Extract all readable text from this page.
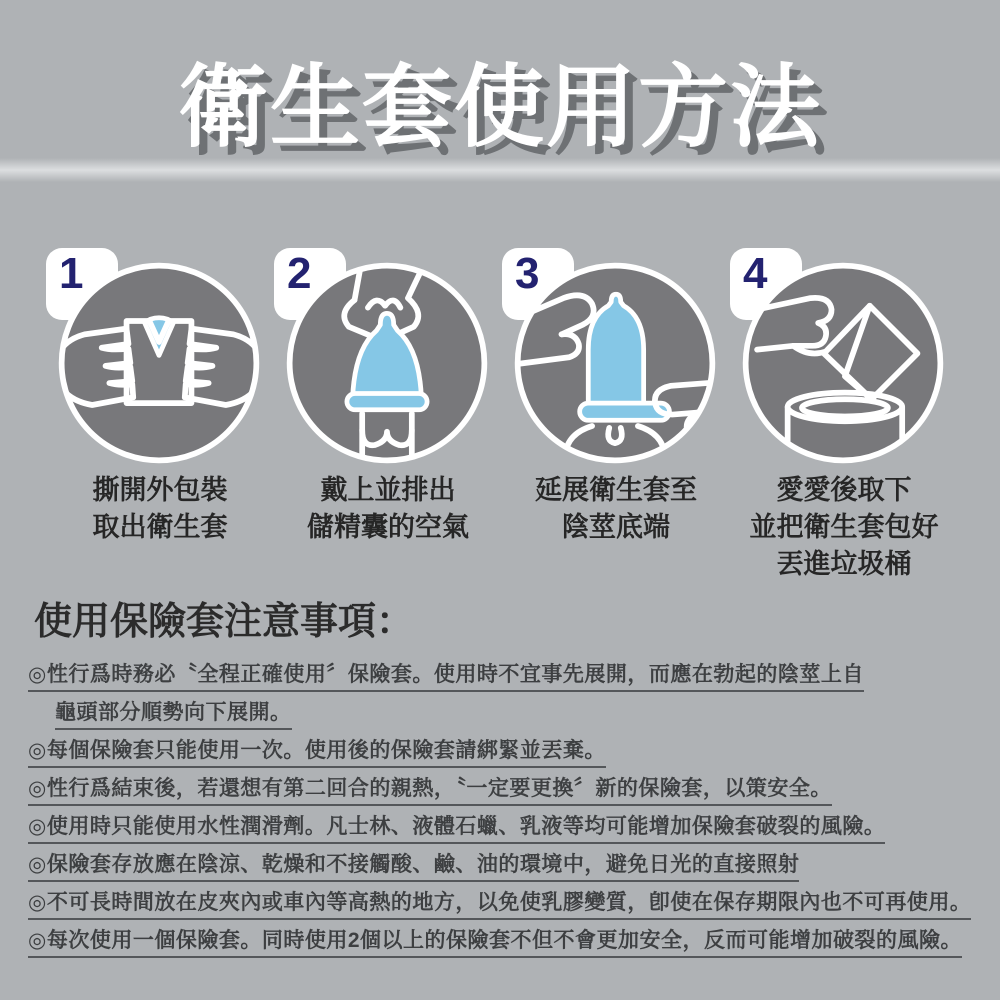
衛生套使用方法
1
撕開外包裝
取出衛生套
2
戴上並排出
儲精囊的空氣
3
延展衛生套至
陰莖底端
4
愛愛後取下
並把衛生套包好
丟進垃圾桶
使用保險套注意事項：
◎性行爲時務必〝全程正確使用〞保險套。使用時不宜事先展開，而應在勃起的陰莖上自
龜頭部分順勢向下展開。
◎每個保險套只能使用一次。使用後的保險套請綁緊並丟棄。
◎性行爲結束後，若還想有第二回合的親熱，〝一定要更換〞新的保險套，以策安全。
◎使用時只能使用水性潤滑劑。凡士林、液體石蠟、乳液等均可能增加保險套破裂的風險。
◎保險套存放應在陰涼、乾燥和不接觸酸、鹼、油的環境中，避免日光的直接照射
◎不可長時間放在皮夾內或車內等高熱的地方，以免使乳膠變質，卽使在保存期限內也不可再使用。
◎每次使用一個保險套。同時使用2個以上的保險套不但不會更加安全，反而可能增加破裂的風險。
